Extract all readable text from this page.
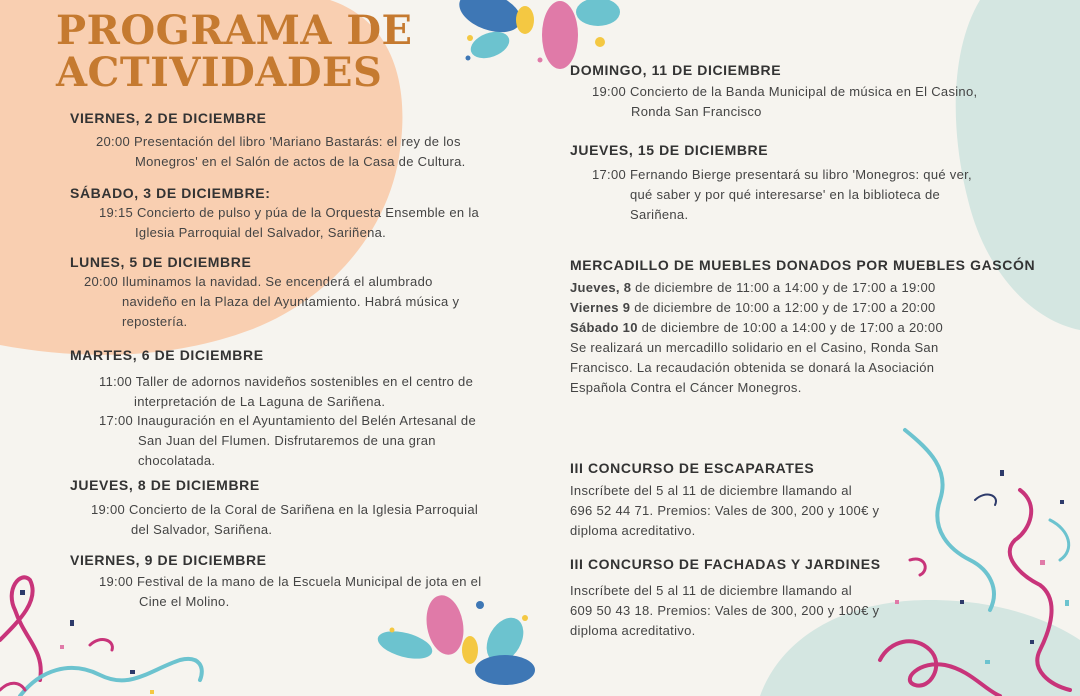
PROGRAMA DE
ACTIVIDADES
VIERNES, 2 DE DICIEMBRE
20:00 Presentación del libro 'Mariano Bastarás: el rey de los
Monegros' en el Salón de actos de la Casa de Cultura.
SÁBADO, 3 DE DICIEMBRE:
19:15 Concierto de pulso y púa de la Orquesta Ensemble en la
Iglesia Parroquial del Salvador, Sariñena.
LUNES, 5 DE DICIEMBRE
20:00 Iluminamos la navidad. Se encenderá el alumbrado
navideño en la Plaza del Ayuntamiento. Habrá música y
repostería.
MARTES, 6 DE DICIEMBRE
11:00 Taller de adornos navideños sostenibles en el centro de
interpretación de La Laguna de Sariñena.
17:00 Inauguración en el Ayuntamiento del Belén Artesanal de
San Juan del Flumen. Disfrutaremos de una gran
chocolatada.
JUEVES, 8 DE DICIEMBRE
19:00 Concierto de la Coral de Sariñena en la Iglesia Parroquial
del Salvador, Sariñena.
VIERNES, 9 DE DICIEMBRE
19:00 Festival de la mano de la Escuela Municipal de jota en el
Cine el Molino.
DOMINGO, 11 DE DICIEMBRE
19:00 Concierto de la Banda Municipal de música en El Casino,
Ronda San Francisco
JUEVES, 15 DE DICIEMBRE
17:00 Fernando Bierge presentará su libro 'Monegros: qué ver,
qué saber y por qué interesarse' en la biblioteca de
Sariñena.
MERCADILLO DE MUEBLES DONADOS POR MUEBLES GASCÓN
Jueves, 8 de diciembre de 11:00 a 14:00 y de 17:00 a 19:00
Viernes 9 de diciembre de 10:00 a 12:00 y de 17:00 a 20:00
Sábado 10 de diciembre de 10:00 a 14:00 y de 17:00 a 20:00
Se realizará un mercadillo solidario en el Casino, Ronda San
Francisco. La recaudación obtenida se donará la Asociación
Española Contra el Cáncer Monegros.
III CONCURSO DE ESCAPARATES
Inscríbete del 5 al 11 de diciembre llamando al
696 52 44 71. Premios: Vales de 300, 200 y 100€ y
diploma acreditativo.
III CONCURSO DE FACHADAS Y JARDINES
Inscríbete del 5 al 11 de diciembre llamando al
609 50 43 18. Premios: Vales de 300, 200 y 100€ y
diploma acreditativo.
